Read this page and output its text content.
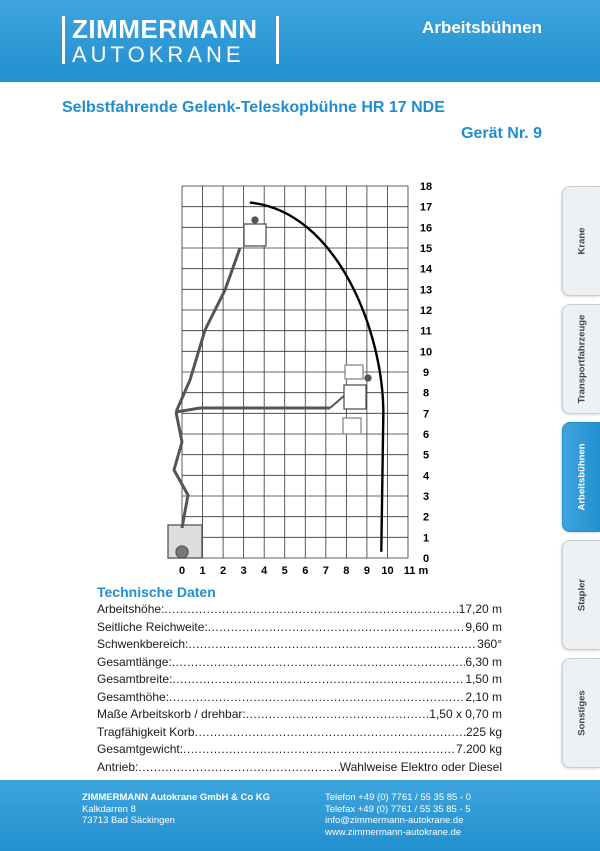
ZIMMERMANN
AUTOKRANE
Arbeitsbühnen
Selbstfahrende Gelenk-Teleskopbühne HR 17 NDE
Gerät Nr. 9
Krane
Transportfahrzeuge
Arbeitsbühnen
Stapler
Sonstiges
0 1 2 3 4 5 6 7 8 9 10 11 m
0
1
2
3
4
5
6
7
8
9
10
11
12
13
14
15
16
17
18
Technische Daten
Arbeitshöhe: .....	17,20 m
Seitliche Reichweite: .....	9,60 m
Schwenkbereich: .....	360°
Gesamtlänge: .....	6,30 m
Gesamtbreite: .....	1,50 m
Gesamthöhe: .....	2,10 m
Maße Arbeitskorb / drehbar: .....	1,50 x 0,70 m
Tragfähigkeit Korb .....	225 kg
Gesamtgewicht: .....	7.200 kg
Antrieb: .....	Wahlweise Elektro oder Diesel
ZIMMERMANN Autokrane GmbH & Co KG
Kalkdarren 8
73713 Bad Säckingen
Telefon +49 (0) 7761 / 55 35 85 - 0
Telefax +49 (0) 7761 / 55 35 85 - 5
info@zimmermann-autokrane.de
www.zimmermann-autokrane.de
